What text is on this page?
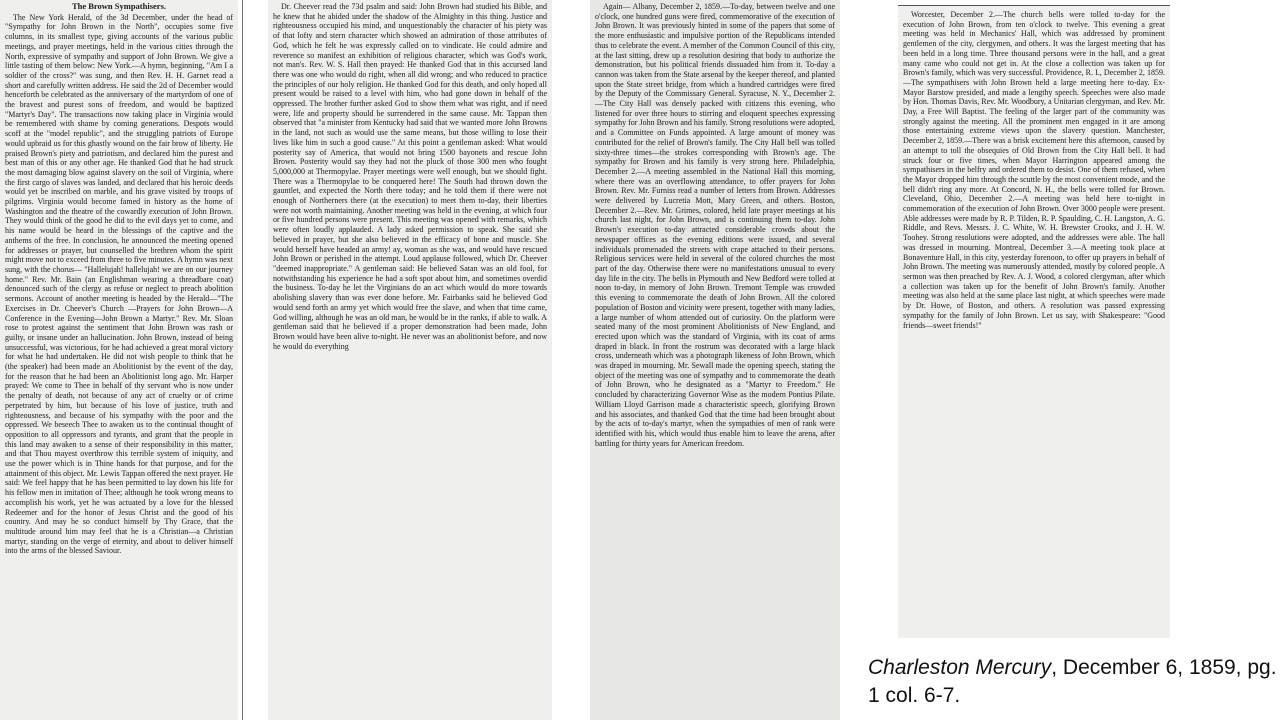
The Brown Sympathisers.

The New York Herald, of the 3d December, under the head of "Sympathy for John Brown in the North", occupies some five columns, in its smallest type, giving accounts of the various public meetings, and prayer meetings, held in the various cities through the North, expressive of sympathy and support of John Brown. We give a little tasting of them below: New York.—A hymn, beginning, "Am I a soldier of the cross?" was sung, and then Rev. H. H. Garnet read a short and carefully written address. He said the 2d of December would henceforth be celebrated as the anniversary of the martyrdom of one of the bravest and purest sons of freedom, and would be baptized "Martyr's Day". The transactions now taking place in Virginia would be remembered with shame by coming generations. Despots would scoff at the "model republic", and the struggling patriots of Europe would upbraid us for this ghastly wound on the fair brow of liberty. He praised Brown's piety and patriotism, and declared him the purest and best man of this or any other age. He thanked God that he had struck the most damaging blow against slavery on the soil of Virginia, where the first cargo of slaves was landed, and declared that his heroic deeds would yet be inscribed on marble, and his grave visited by troops of pilgrims. Virginia would become famed in history as the home of Washington and the theatre of the cowardly execution of John Brown. They would think of the good he did to the evil days yet to come, and his name would be heard in the blessings of the captive and the anthems of the free. In conclusion, he announced the meeting opened for addresses or prayer, but counselled the brethren whom the spirit might move not to exceed from three to five minutes. A hymn was next sung, with the chorus— "Hallelujah! hallelujah! we are on our journey home." Rev. Mr. Bain (an Englishman wearing a threadbare coat) denounced such of the clergy as refuse or neglect to preach abolition sermons. Account of another meeting is headed by the Herald—"The Exercises in Dr. Cheever's Church —Prayers for John Brown—A Conference in the Evening—John Brown a Martyr." Rev. Mr. Sloan rose to protest against the sentiment that John Brown was rash or guilty, or insane under an hallucination. John Brown, instead of being unsuccessful, was victorious, for he had achieved a great moral victory for what he had undertaken. He did not wish people to think that he (the speaker) had been made an Abolitionist by the event of the day, for the reason that he had been an Abolitionist long ago. Mr. Harper prayed: We come to Thee in behalf of thy servant who is now under the penalty of death, not because of any act of cruelty or of crime perpetrated by him, but because of his love of justice, truth and righteousness, and because of his sympathy with the poor and the oppressed. We beseech Thee to awaken us to the continual thought of opposition to all oppressors and tyrants, and grant that the people in this land may awaken to a sense of their responsibility in this matter, and that Thou mayest overthrow this terrible system of iniquity, and use the power which is in Thine hands for that purpose, and for the attainment of this object. Mr. Lewis Tappan offered the next prayer. He said: We feel happy that he has been permitted to lay down his life for his fellow men in imitation of Thee; although he took wrong means to accomplish his work, yet he was actuated by a love for the blessed Redeemer and for the honor of Jesus Christ and the good of his country. And may he so conduct himself by Thy Grace, that the multitude around him may feel that he is a Christian—a Christian martyr, standing on the verge of eternity, and about to deliver himself into the arms of the blessed Saviour.

Dr. Cheever read the 73d psalm and said: John Brown had studied his Bible, and he knew that he abided under the shadow of the Almighty in this thing. Justice and righteousness occupied his mind, and unquestionably the character of his piety was of that lofty and stern character which showed an admiration of those attributes of God, which he felt he was expressly called on to vindicate. He could admire and reverence so manifest an exhibition of religious character, which was God's work, not man's. Rev. W. S. Hall then prayed: He thanked God that in this accursed land there was one who would do right, when all did wrong; and who reduced to practice the principles of our holy religion. He thanked God for this death, and only hoped all present would be raised to a level with him, who had gone down in behalf of the oppressed. The brother further asked God to show them what was right, and if need were, life and property should be surrendered in the same cause. Mr. Tappan then observed that "a minister from Kentucky had said that we wanted more John Browns in the land, not such as would use the same means, but those willing to lose their lives like him in such a good cause." At this point a gentleman asked: What would posterity say of America, that would not bring 1500 bayonets and rescue John Brown. Posterity would say they had not the pluck of those 300 men who fought 5,000,000 at Thermopylae. Prayer meetings were well enough, but we should fight. There was a Thermopylae to be conquered here! The South had thrown down the gauntlet, and expected the North there today; and he told them if there were not enough of Northerners there (at the execution) to meet them to-day, their liberties were not worth maintaining. Another meeting was held in the evening, at which four or five hundred persons were present. This meeting was opened with remarks, which were often loudly applauded. A lady asked permission to speak. She said she believed in prayer, but she also believed in the efficacy of bone and muscle. She would herself have headed an army! ay, woman as she was, and would have rescued John Brown or perished in the attempt. Loud applause followed, which Dr. Cheever "deemed inappropriate." A gentleman said: He believed Satan was an old fool, for notwithstanding his experience he had a soft spot about him, and sometimes overdid the business. To-day he let the Virginians do an act which would do more towards abolishing slavery than was ever done before. Mr. Fairbanks said he believed God would send forth an army yet which would free the slave, and when that time came, God willing, although he was an old man, he would be in the ranks, if able to walk. A gentleman said that he believed if a proper demonstration had been made, John Brown would have been alive to-night. He never was an abolitionist before, and now he would do everything

Again— Albany, December 2, 1859.—To-day, between twelve and one o'clock, one hundred guns were fired, commemorative of the execution of John Brown. It was previously hinted in some of the papers that some of the more enthusiastic and impulsive portion of the Republicans intended thus to celebrate the event. A member of the Common Council of this city, at the last sitting, drew up a resolution desiring that body to authorize the demonstration, but his political friends dissuaded him from it. To-day a cannon was taken from the State arsenal by the keeper thereof, and planted upon the State street bridge, from which a hundred cartridges were fired by the Deputy of the Commissary General. Syracuse, N. Y., December 2.—The City Hall was densely packed with citizens this evening, who listened for over three hours to stirring and eloquent speeches expressing sympathy for John Brown and his family. Strong resolutions were adopted, and a Committee on Funds appointed. A large amount of money was contributed for the relief of Brown's family. The City Hall bell was tolled sixty-three times—the strokes corresponding with Brown's age. The sympathy for Brown and his family is very strong here. Philadelphia, December 2.—A meeting assembled in the National Hall this morning, where there was an overflowing attendance, to offer prayers for John Brown. Rev. Mr. Furniss read a number of letters from Brown. Addresses were delivered by Lucretia Mott, Mary Green, and others. Boston, December 2.—Rev. Mr. Grimes, colored, held late prayer meetings at his church last night, for John Brown, and is continuing them to-day. John Brown's execution to-day attracted considerable crowds about the newspaper offices as the evening editions were issued, and several individuals promenaded the streets with crape attached to their persons. Religious services were held in several of the colored churches the most part of the day. Otherwise there were no manifestations unusual to every day life in the city. The bells in Plymouth and New Bedford were tolled at noon to-day, in memory of John Brown. Tremont Temple was crowded this evening to commemorate the death of John Brown. All the colored population of Boston and vicinity were present, together with many ladies, a large number of whom attended out of curiosity. On the platform were seated many of the most prominent Abolitionists of New England, and erected upon which was the standard of Virginia, with its coat of arms draped in black. In front the rostrum was decorated with a large black cross, underneath which was a photograph likeness of John Brown, which was draped in mourning. Mr. Sewall made the opening speech, stating the object of the meeting was one of sympathy and to commemorate the death of John Brown, who he designated as a "Martyr to Freedom." He concluded by characterizing Governor Wise as the modern Pontius Pilate. William Lloyd Garrison made a characteristic speech, glorifying Brown and his associates, and thanked God that the time had been brought about by the acts of to-day's martyr, when the sympathies of men of rank were identified with his, which would thus enable him to leave the arena, after battling for thirty years for American freedom.

Worcester, December 2.—The church bells were tolled to-day for the execution of John Brown, from ten o'clock to twelve. This evening a great meeting was held in Mechanics' Hall, which was addressed by prominent gentlemen of the city, clergymen, and others. It was the largest meeting that has been held in a long time. Three thousand persons were in the hall, and a great many came who could not get in. At the close a collection was taken up for Brown's family, which was very successful. Providence, R. I., December 2, 1859.—The sympathisers with John Brown held a large meeting here to-day. Ex-Mayor Barstow presided, and made a lengthy speech. Speeches were also made by Hon. Thomas Davis, Rev. Mr. Woodbury, a Unitarian clergyman, and Rev. Mr. Day, a Free Will Baptist. The feeling of the larger part of the community was strongly against the meeting. All the prominent men engaged in it are among those entertaining extreme views upon the slavery question. Manchester, December 2, 1859.—There was a brisk excitement here this afternoon, caused by an attempt to toll the obsequies of Old Brown from the City Hall bell. It had struck four or five times, when Mayor Harrington appeared among the sympathisers in the belfry and ordered them to desist. One of them refused, when the Mayor dropped him through the scuttle by the most convenient mode, and the bell didn't ring any more. At Concord, N. H., the bells were tolled for Brown. Cleveland, Ohio, December 2.—A meeting was held here to-night in commemoration of the execution of John Brown. Over 3000 people were present. Able addresses were made by R. P. Tilden, R. P. Spaulding, C. H. Langston, A. G. Riddle, and Revs. Messrs. J. C. White, W. H. Brewster Crooks, and J. H. W. Toohey. Strong resolutions were adopted, and the addresses were able. The hall was dressed in mourning. Montreal, December 3.—A meeting took place at Bonaventure Hall, in this city, yesterday forenoon, to offer up prayers in behalf of John Brown. The meeting was numerously attended, mostly by colored people. A sermon was then preached by Rev. A. J. Wood, a colored clergyman, after which a collection was taken up for the benefit of John Brown's family. Another meeting was also held at the same place last night, at which speeches were made by Dr. Howe, of Boston, and others. A resolution was passed expressing sympathy for the family of John Brown. Let us say, with Shakespeare: "Good friends—sweet friends!"

Charleston Mercury, December 6, 1859, pg. 1 col. 6-7.
